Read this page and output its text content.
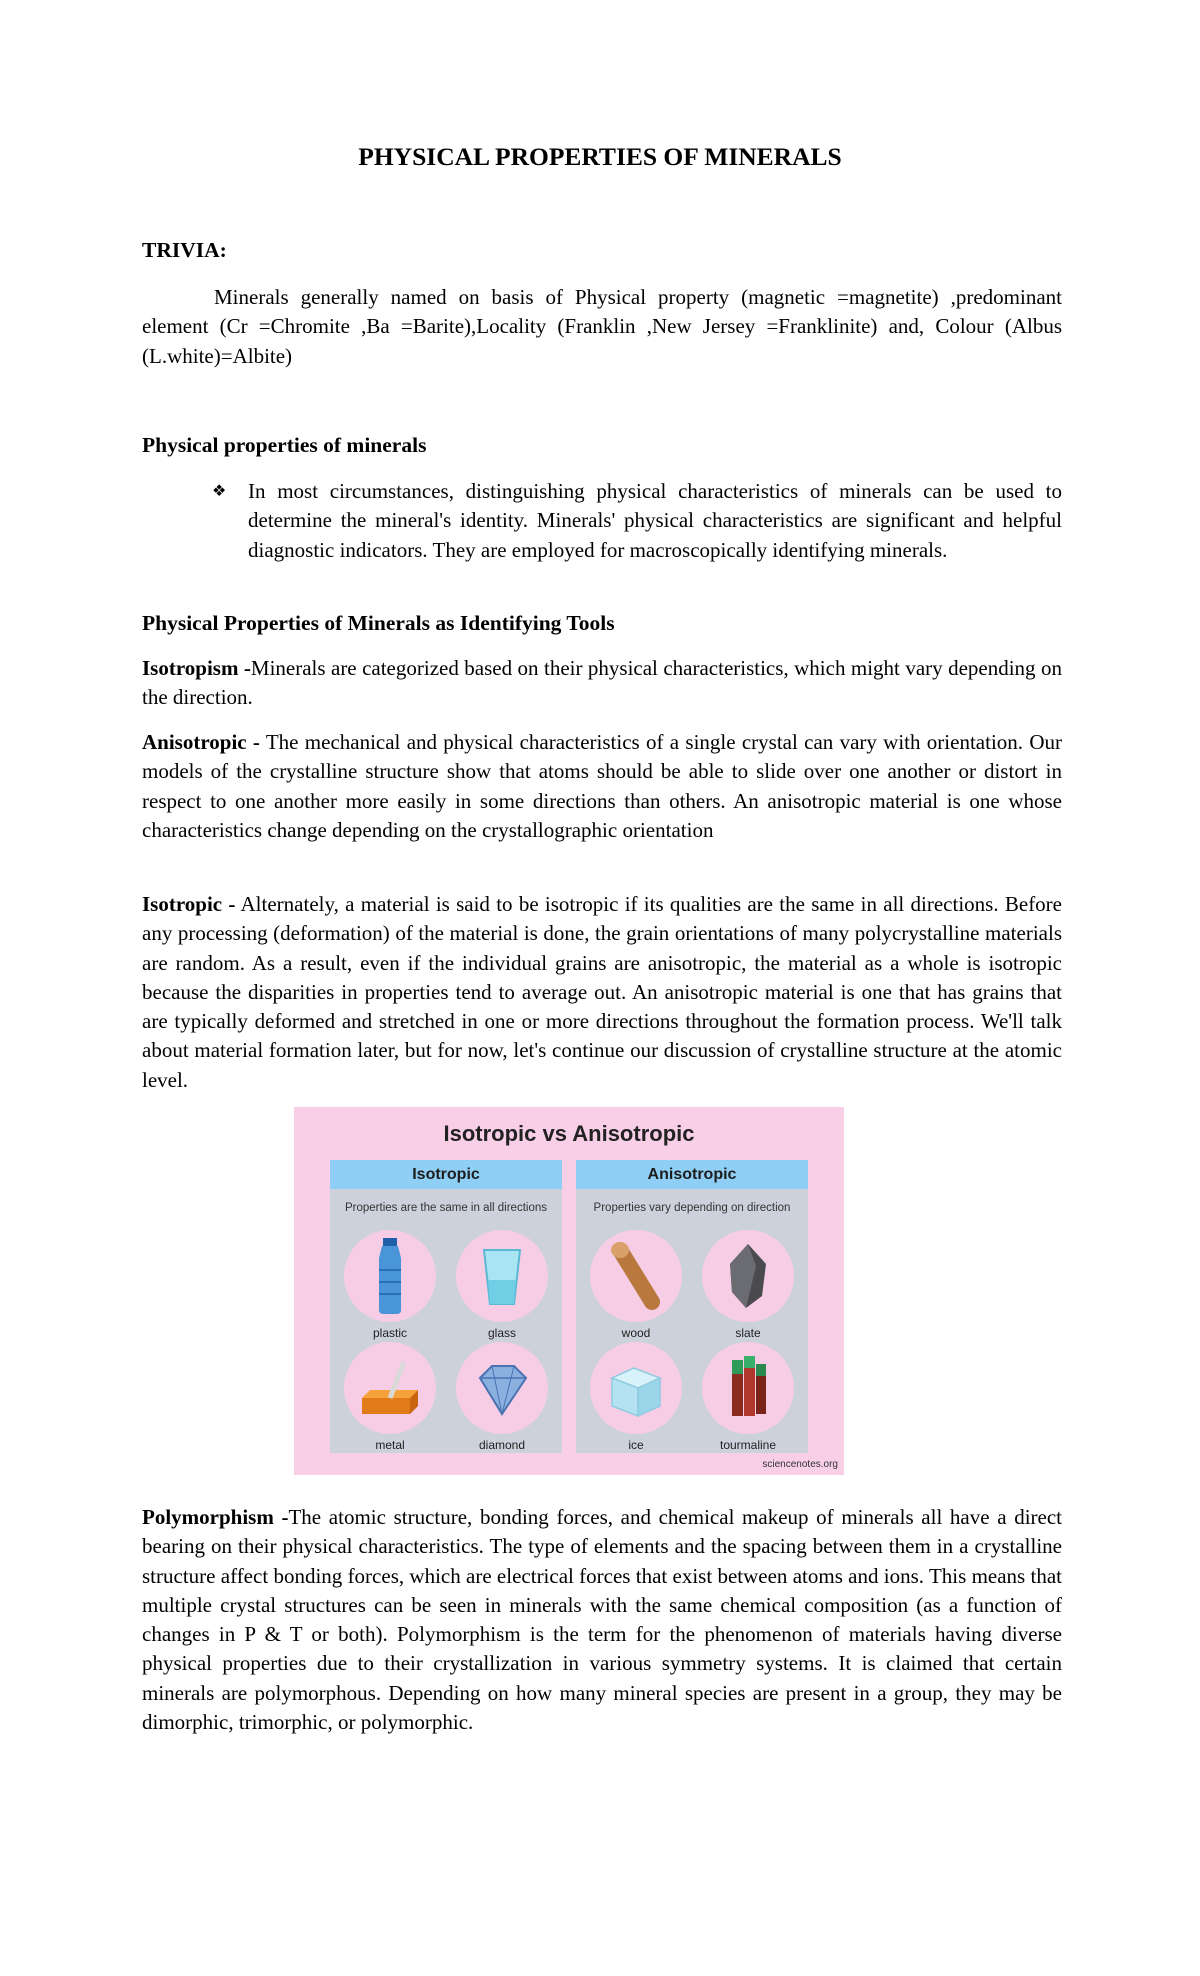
PHYSICAL PROPERTIES OF MINERALS
TRIVIA:

Minerals generally named on basis of Physical property (magnetic =magnetite) ,predominant element (Cr =Chromite ,Ba =Barite),Locality (Franklin ,New Jersey =Franklinite) and, Colour (Albus (L.white)=Albite)

Physical properties of minerals
❖ In most circumstances, distinguishing physical characteristics of minerals can be used to determine the mineral's identity. Minerals' physical characteristics are significant and helpful diagnostic indicators. They are employed for macroscopically identifying minerals.
Physical Properties of Minerals as Identifying Tools

Isotropism -Minerals are categorized based on their physical characteristics, which might vary depending on the direction.

Anisotropic - The mechanical and physical characteristics of a single crystal can vary with orientation. Our models of the crystalline structure show that atoms should be able to slide over one another or distort in respect to one another more easily in some directions than others. An anisotropic material is one whose characteristics change depending on the crystallographic orientation

Isotropic - Alternately, a material is said to be isotropic if its qualities are the same in all directions. Before any processing (deformation) of the material is done, the grain orientations of many polycrystalline materials are random. As a result, even if the individual grains are anisotropic, the material as a whole is isotropic because the disparities in properties tend to average out. An anisotropic material is one that has grains that are typically deformed and stretched in one or more directions throughout the formation process. We'll talk about material formation later, but for now, let's continue our discussion of crystalline structure at the atomic level.

Isotropic vs Anisotropic
Isotropic
Properties are the same in all directions
plastic	glass
metal	diamond
Anisotropic
Properties vary depending on direction
wood	slate
ice	tourmaline
sciencenotes.org

Polymorphism -The atomic structure, bonding forces, and chemical makeup of minerals all have a direct bearing on their physical characteristics. The type of elements and the spacing between them in a crystalline structure affect bonding forces, which are electrical forces that exist between atoms and ions. This means that multiple crystal structures can be seen in minerals with the same chemical composition (as a function of changes in P & T or both). Polymorphism is the term for the phenomenon of materials having diverse physical properties due to their crystallization in various symmetry systems. It is claimed that certain minerals are polymorphous. Depending on how many mineral species are present in a group, they may be dimorphic, trimorphic, or polymorphic.
